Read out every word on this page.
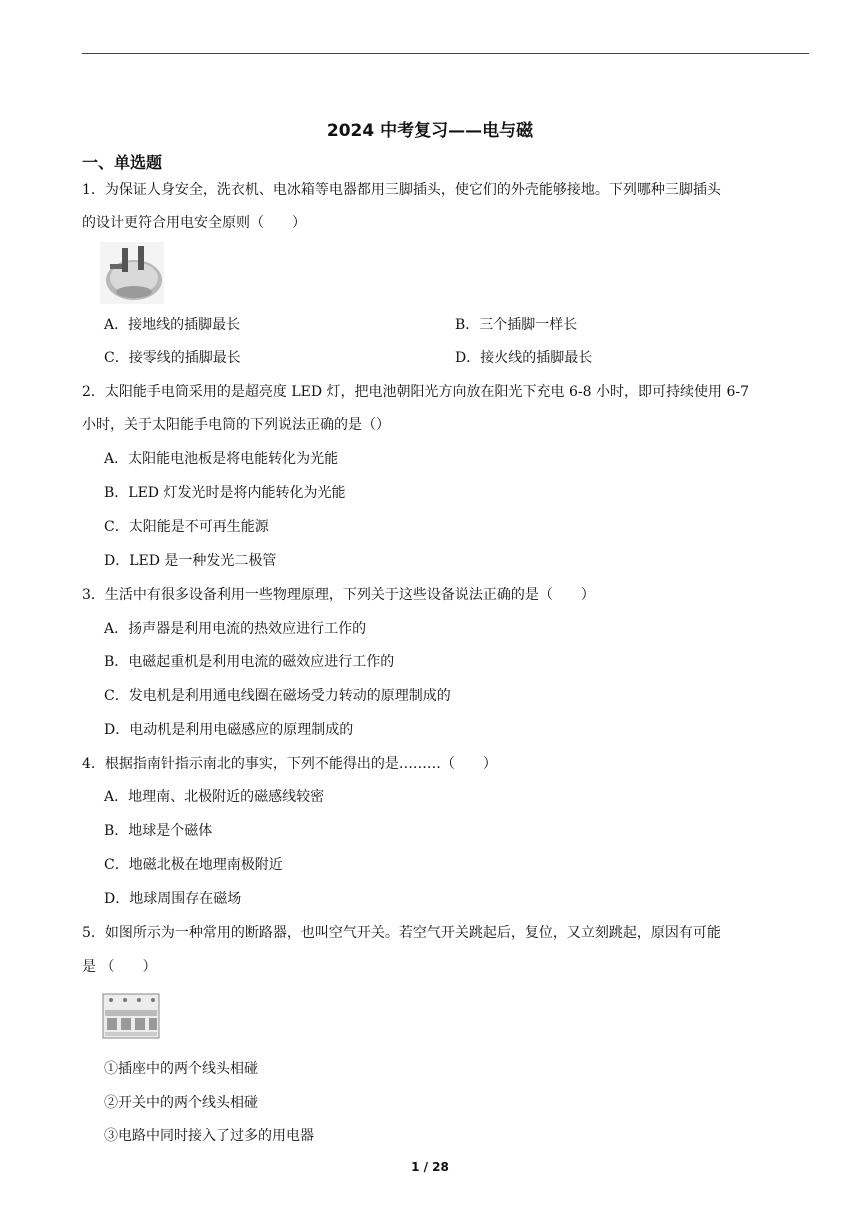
2024 中考复习——电与磁
一、单选题
1．为保证人身安全，洗衣机、电冰箱等电器都用三脚插头，使它们的外壳能够接地。下列哪种三脚插头
的设计更符合用电安全原则（　　）
A．接地线的插脚最长	B．三个插脚一样长
C．接零线的插脚最长	D．接火线的插脚最长
2．太阳能手电筒采用的是超亮度 LED 灯，把电池朝阳光方向放在阳光下充电 6-8 小时，即可持续使用 6-7
小时，关于太阳能手电筒的下列说法正确的是（）
A．太阳能电池板是将电能转化为光能
B．LED 灯发光时是将内能转化为光能
C．太阳能是不可再生能源
D．LED 是一种发光二极管
3．生活中有很多设备利用一些物理原理，下列关于这些设备说法正确的是（　　）
A．扬声器是利用电流的热效应进行工作的
B．电磁起重机是利用电流的磁效应进行工作的
C．发电机是利用通电线圈在磁场受力转动的原理制成的
D．电动机是利用电磁感应的原理制成的
4．根据指南针指示南北的事实，下列不能得出的是………（　　）
A．地理南、北极附近的磁感线较密
B．地球是个磁体
C．地磁北极在地理南极附近
D．地球周围存在磁场
5．如图所示为一种常用的断路器，也叫空气开关。若空气开关跳起后，复位，又立刻跳起，原因有可能
是 （　　）
①插座中的两个线头相碰
②开关中的两个线头相碰
③电路中同时接入了过多的用电器
1 / 28
